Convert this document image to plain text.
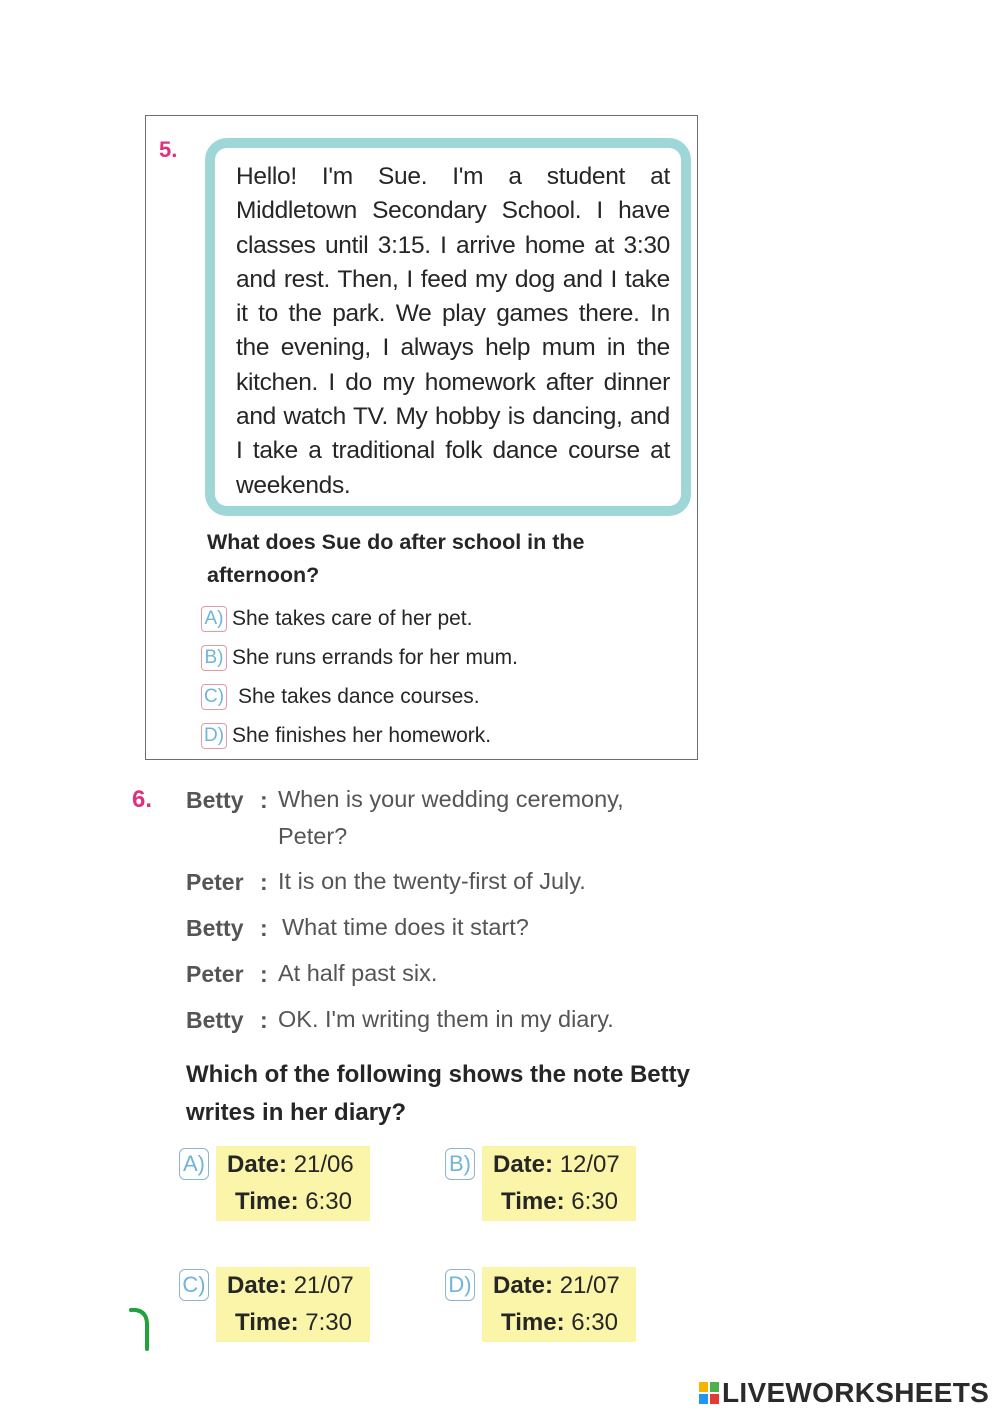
5.
Hello! I'm Sue. I'm a student at Middletown Secondary School. I have classes until 3:15. I arrive home at 3:30 and rest. Then, I feed my dog and I take it to the park. We play games there. In the evening, I always help mum in the kitchen. I do my homework after dinner and watch TV. My hobby is dancing, and I take a traditional folk dance course at weekends.
What does Sue do after school in the afternoon?
A) She takes care of her pet.
B) She runs errands for her mum.
C) She takes dance courses.
D) She finishes her homework.
6. Betty : When is your wedding ceremony,
Peter?
Peter : It is on the twenty-first of July.
Betty : What time does it start?
Peter : At half past six.
Betty : OK. I'm writing them in my diary.
Which of the following shows the note Betty writes in her diary?
A) Date: 21/06
Time: 6:30
B) Date: 12/07
Time: 6:30
C) Date: 21/07
Time: 7:30
D) Date: 21/07
Time: 6:30
LIVEWORKSHEETS
